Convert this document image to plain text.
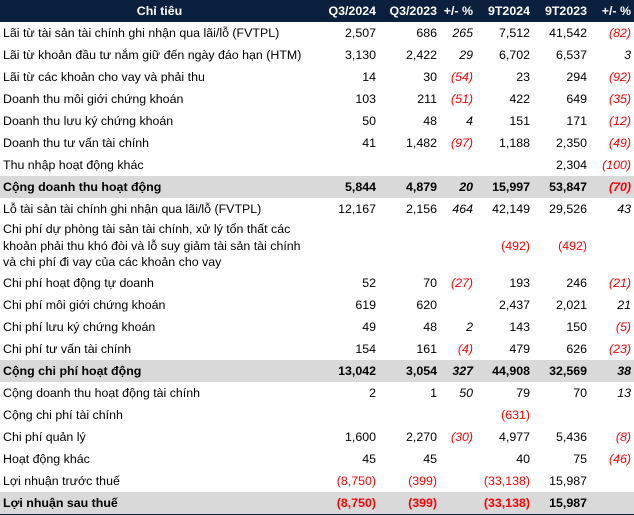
Chỉ tiêu	Q3/2024	Q3/2023	+/- %	9T2024	9T2023	+/- %
Lãi từ tài sản tài chính ghi nhận qua lãi/lỗ (FVTPL)	2,507	686	265	7,512	41,542	(82)
Lãi từ khoản đầu tư nắm giữ đến ngày đáo hạn (HTM)	3,130	2,422	29	6,702	6,537	3
Lãi từ các khoản cho vay và phải thu	14	30	(54)	23	294	(92)
Doanh thu môi giới chứng khoán	103	211	(51)	422	649	(35)
Doanh thu lưu ký chứng khoán	50	48	4	151	171	(12)
Doanh thu tư vấn tài chính	41	1,482	(97)	1,188	2,350	(49)
Thu nhập hoạt động khác					2,304	(100)
Cộng doanh thu hoạt động	5,844	4,879	20	15,997	53,847	(70)
Lỗ tài sản tài chính ghi nhận qua lãi/lỗ (FVTPL)	12,167	2,156	464	42,149	29,526	43
Chi phí dự phòng tài sản tài chính, xử lý tổn thất các khoản phải thu khó đòi và lỗ suy giảm tài sản tài chính và chi phí đi vay của các khoản cho vay				(492)	(492)	
Chi phí hoạt động tự doanh	52	70	(27)	193	246	(21)
Chi phí môi giới chứng khoán	619	620		2,437	2,021	21
Chi phí lưu ký chứng khoán	49	48	2	143	150	(5)
Chi phí tư vấn tài chính	154	161	(4)	479	626	(23)
Cộng chi phí hoạt động	13,042	3,054	327	44,908	32,569	38
Cộng doanh thu hoạt động tài chính	2	1	50	79	70	13
Cộng chi phí tài chính				(631)		
Chi phí quản lý	1,600	2,270	(30)	4,977	5,436	(8)
Hoạt động khác	45	45		40	75	(46)
Lợi nhuận trước thuế	(8,750)	(399)		(33,138)	15,987	
Lợi nhuận sau thuế	(8,750)	(399)		(33,138)	15,987	
